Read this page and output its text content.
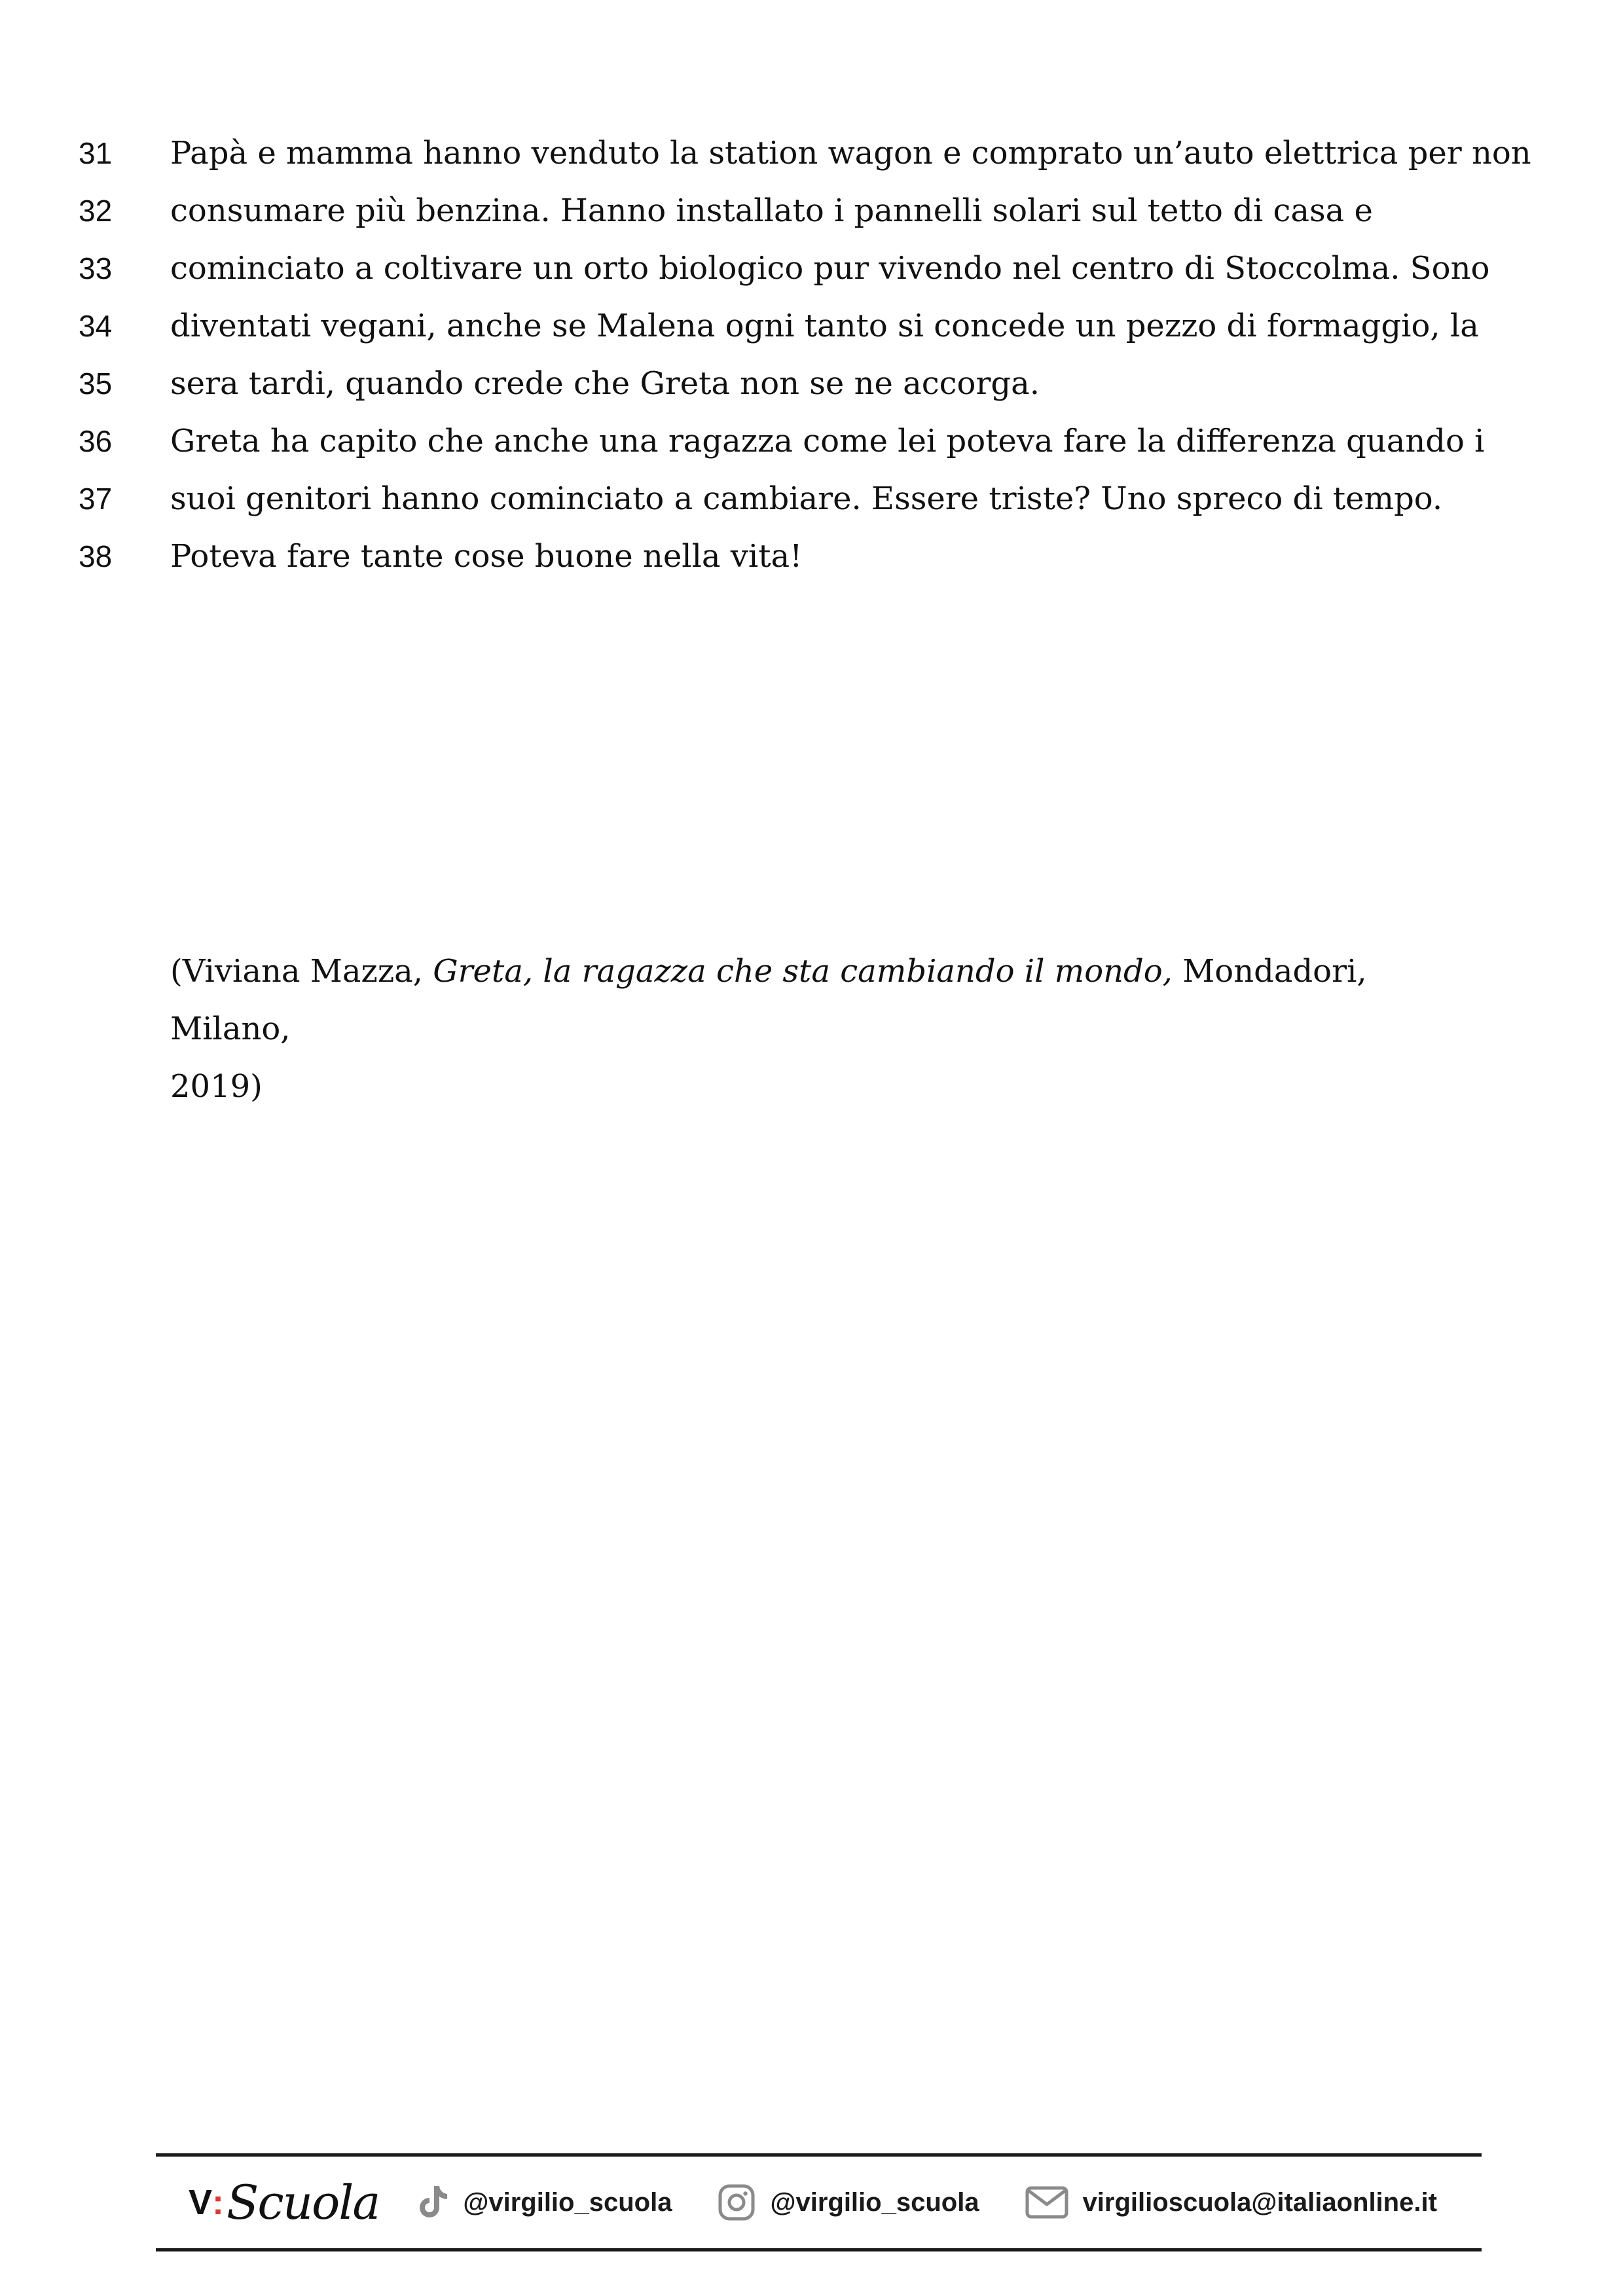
31	Papà e mamma hanno venduto la station wagon e comprato un’auto elettrica per non
32	consumare più benzina. Hanno installato i pannelli solari sul tetto di casa e
33	cominciato a coltivare un orto biologico pur vivendo nel centro di Stoccolma. Sono
34	diventati vegani, anche se Malena ogni tanto si concede un pezzo di formaggio, la
35	sera tardi, quando crede che Greta non se ne accorga.
36	Greta ha capito che anche una ragazza come lei poteva fare la differenza quando i
37	suoi genitori hanno cominciato a cambiare. Essere triste? Uno spreco di tempo.
38	Poteva fare tante cose buone nella vita!
(Viviana Mazza, Greta, la ragazza che sta cambiando il mondo, Mondadori, Milano,
2019)
V : Scuola	@virgilio_scuola	@virgilio_scuola	virgilioscuola@italiaonline.it
